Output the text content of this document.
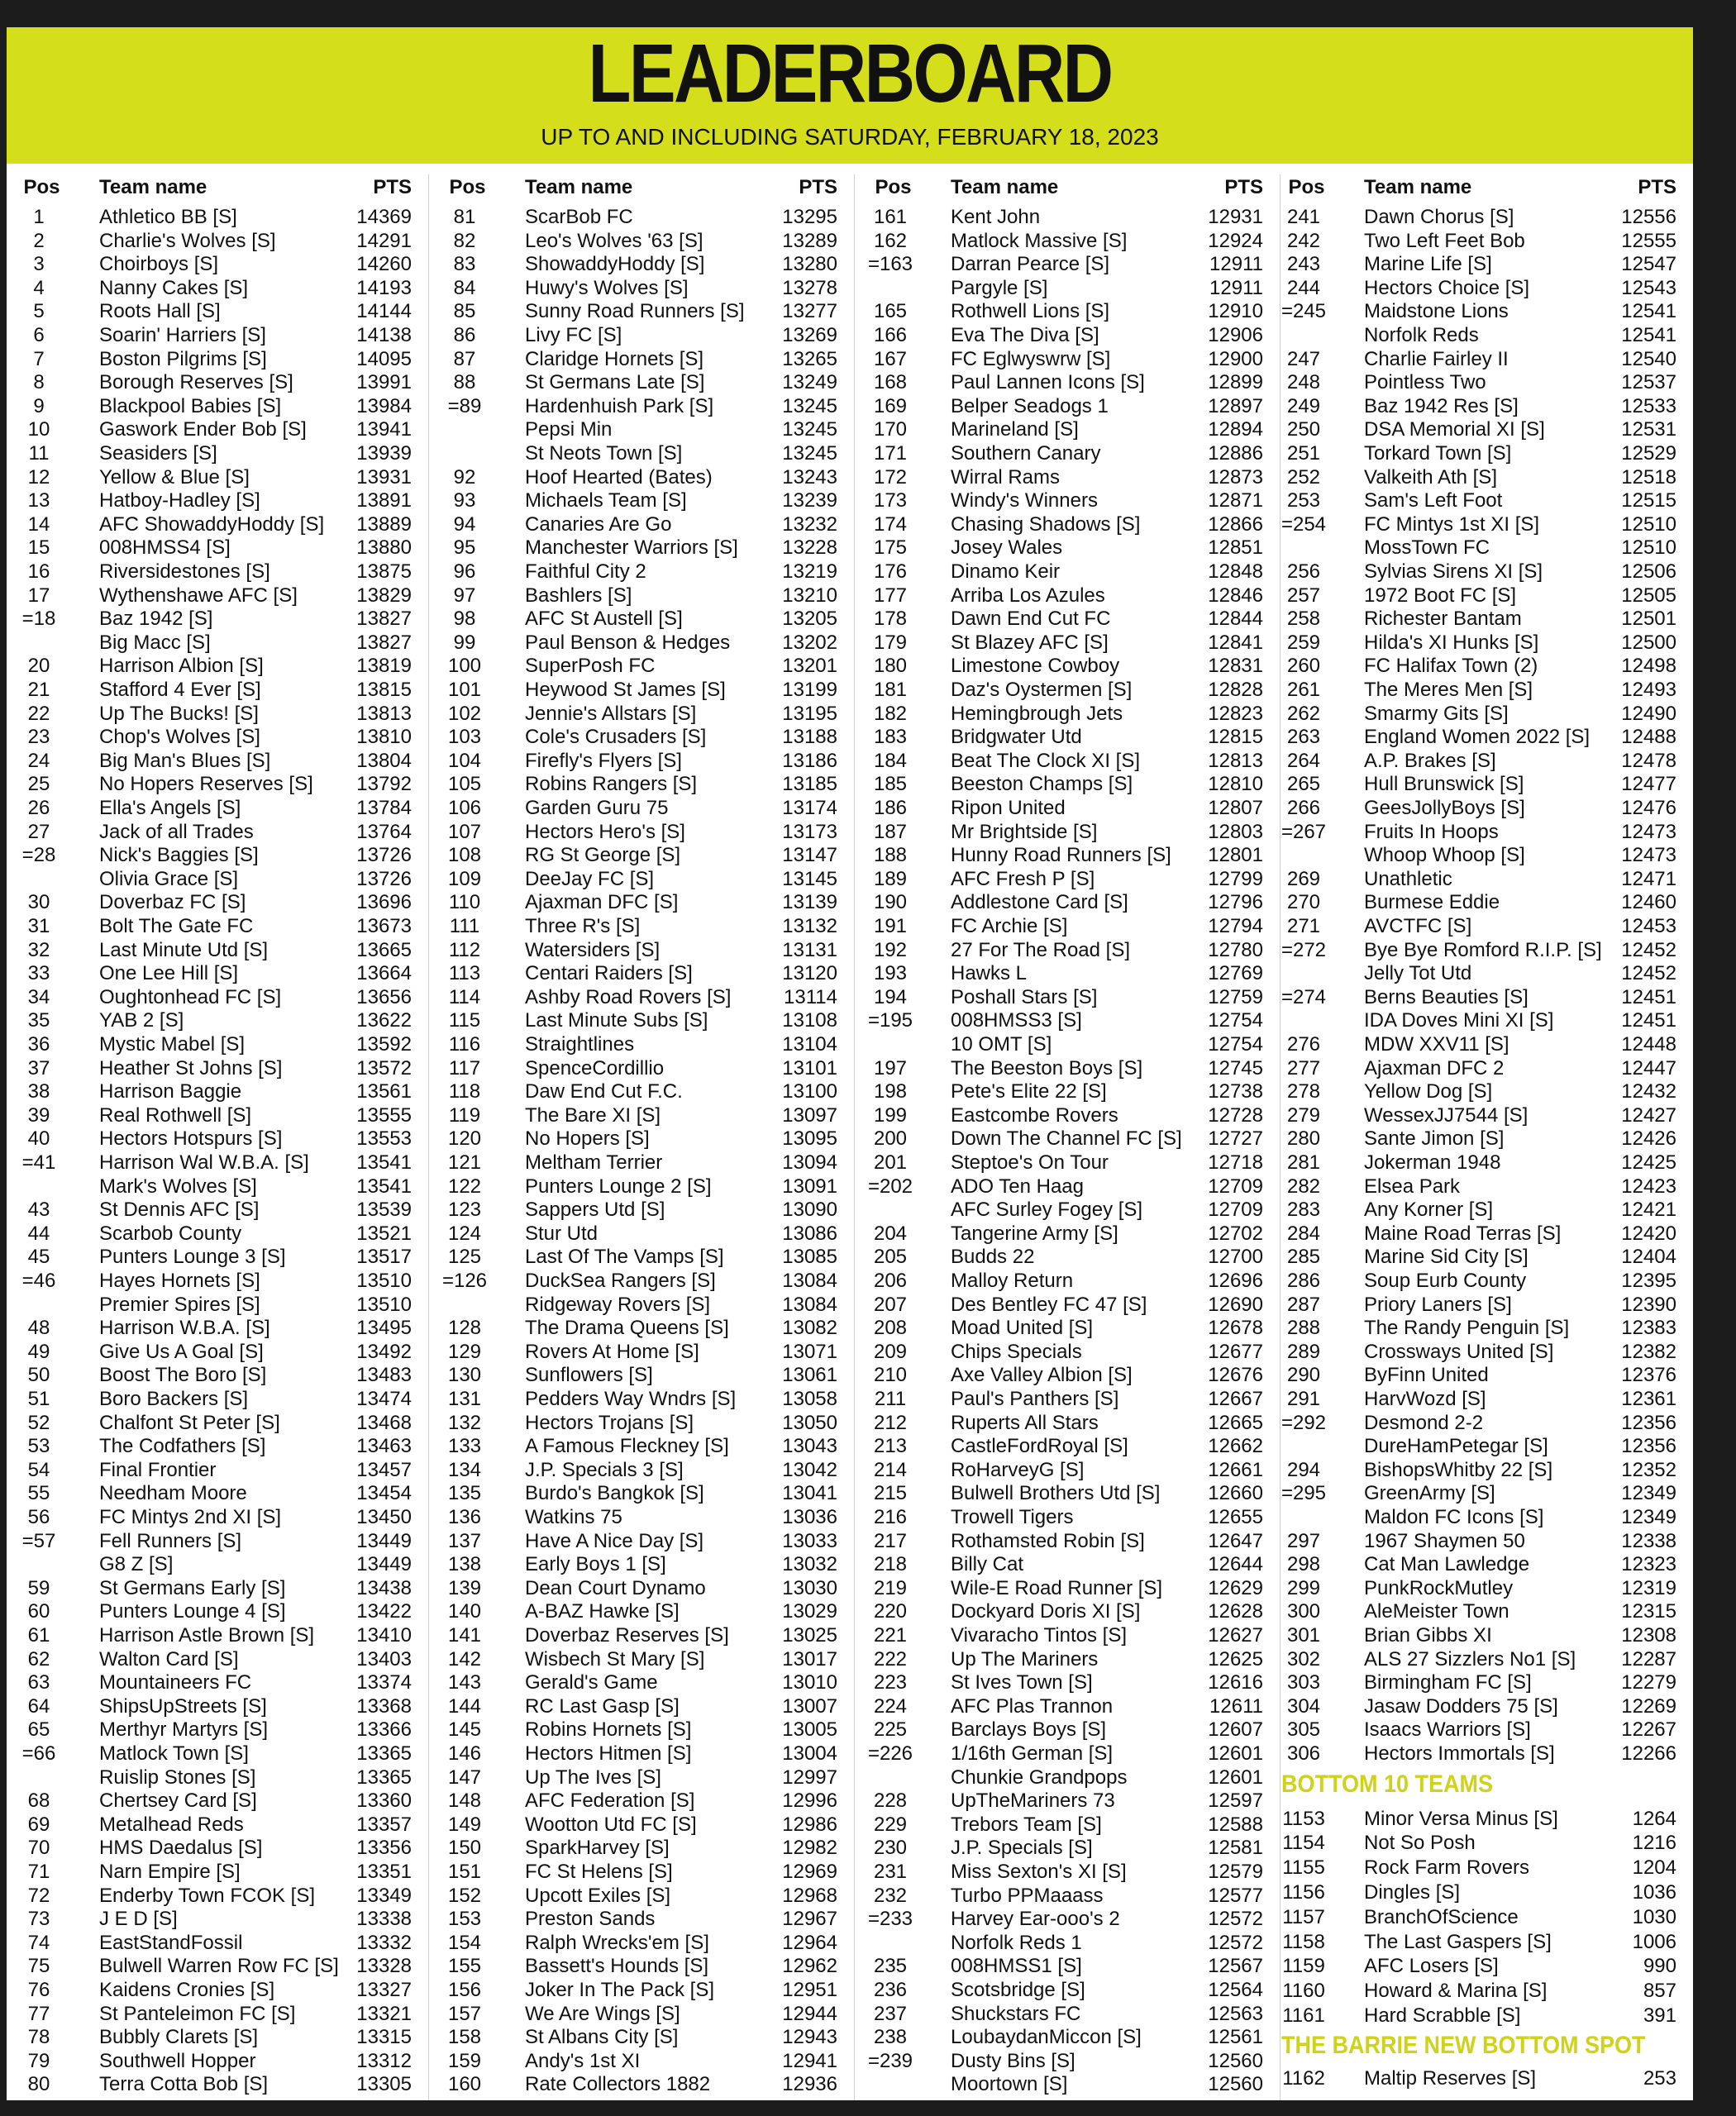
LEADERBOARD
UP TO AND INCLUDING SATURDAY, FEBRUARY 18, 2023
Pos	Team name	PTS
1	Athletico BB [S]	14369
2	Charlie's Wolves [S]	14291
3	Choirboys [S]	14260
4	Nanny Cakes [S]	14193
5	Roots Hall [S]	14144
6	Soarin' Harriers [S]	14138
7	Boston Pilgrims [S]	14095
8	Borough Reserves [S]	13991
9	Blackpool Babies [S]	13984
10	Gaswork Ender Bob [S]	13941
11	Seasiders [S]	13939
12	Yellow & Blue [S]	13931
13	Hatboy-Hadley [S]	13891
14	AFC ShowaddyHoddy [S]	13889
15	008HMSS4 [S]	13880
16	Riversidestones [S]	13875
17	Wythenshawe AFC [S]	13829
=18	Baz 1942 [S]	13827
Big Macc [S]	13827
20	Harrison Albion [S]	13819
21	Stafford 4 Ever [S]	13815
22	Up The Bucks! [S]	13813
23	Chop's Wolves [S]	13810
24	Big Man's Blues [S]	13804
25	No Hopers Reserves [S]	13792
26	Ella's Angels [S]	13784
27	Jack of all Trades	13764
=28	Nick's Baggies [S]	13726
Olivia Grace [S]	13726
30	Doverbaz FC [S]	13696
31	Bolt The Gate FC	13673
32	Last Minute Utd [S]	13665
33	One Lee Hill [S]	13664
34	Oughtonhead FC [S]	13656
35	YAB 2 [S]	13622
36	Mystic Mabel [S]	13592
37	Heather St Johns [S]	13572
38	Harrison Baggie	13561
39	Real Rothwell [S]	13555
40	Hectors Hotspurs [S]	13553
=41	Harrison Wal W.B.A. [S]	13541
Mark's Wolves [S]	13541
43	St Dennis AFC [S]	13539
44	Scarbob County	13521
45	Punters Lounge 3 [S]	13517
=46	Hayes Hornets [S]	13510
Premier Spires [S]	13510
48	Harrison W.B.A. [S]	13495
49	Give Us A Goal [S]	13492
50	Boost The Boro [S]	13483
51	Boro Backers [S]	13474
52	Chalfont St Peter [S]	13468
53	The Codfathers [S]	13463
54	Final Frontier	13457
55	Needham Moore	13454
56	FC Mintys 2nd XI [S]	13450
=57	Fell Runners [S]	13449
G8 Z [S]	13449
59	St Germans Early [S]	13438
60	Punters Lounge 4 [S]	13422
61	Harrison Astle Brown [S]	13410
62	Walton Card [S]	13403
63	Mountaineers FC	13374
64	ShipsUpStreets [S]	13368
65	Merthyr Martyrs [S]	13366
=66	Matlock Town [S]	13365
Ruislip Stones [S]	13365
68	Chertsey Card [S]	13360
69	Metalhead Reds	13357
70	HMS Daedalus [S]	13356
71	Narn Empire [S]	13351
72	Enderby Town FCOK [S]	13349
73	J E D [S]	13338
74	EastStandFossil	13332
75	Bulwell Warren Row FC [S] 13328
76	Kaidens Cronies [S]	13327
77	St Panteleimon FC [S]	13321
78	Bubbly Clarets [S]	13315
79	Southwell Hopper	13312
80	Terra Cotta Bob [S]	13305
Pos	Team name	PTS
81	ScarBob FC	13295
82	Leo's Wolves '63 [S]	13289
83	ShowaddyHoddy [S]	13280
84	Huwy's Wolves [S]	13278
85	Sunny Road Runners [S]	13277
86	Livy FC [S]	13269
87	Claridge Hornets [S]	13265
88	St Germans Late [S]	13249
=89	Hardenhuish Park [S]	13245
Pepsi Min	13245
St Neots Town [S]	13245
92	Hoof Hearted (Bates)	13243
93	Michaels Team [S]	13239
94	Canaries Are Go	13232
95	Manchester Warriors [S]	13228
96	Faithful City 2	13219
97	Bashlers [S]	13210
98	AFC St Austell [S]	13205
99	Paul Benson & Hedges	13202
100	SuperPosh FC	13201
101	Heywood St James [S]	13199
102	Jennie's Allstars [S]	13195
103	Cole's Crusaders [S]	13188
104	Firefly's Flyers [S]	13186
105	Robins Rangers [S]	13185
106	Garden Guru 75	13174
107	Hectors Hero's [S]	13173
108	RG St George [S]	13147
109	DeeJay FC [S]	13145
110	Ajaxman DFC [S]	13139
111	Three R's [S]	13132
112	Watersiders [S]	13131
113	Centari Raiders [S]	13120
114	Ashby Road Rovers [S]	13114
115	Last Minute Subs [S]	13108
116	Straightlines	13104
117	SpenceCordillio	13101
118	Daw End Cut F.C.	13100
119	The Bare XI [S]	13097
120	No Hopers [S]	13095
121	Meltham Terrier	13094
122	Punters Lounge 2 [S]	13091
123	Sappers Utd [S]	13090
124	Stur Utd	13086
125	Last Of The Vamps [S]	13085
=126	DuckSea Rangers [S]	13084
Ridgeway Rovers [S]	13084
128	The Drama Queens [S]	13082
129	Rovers At Home [S]	13071
130	Sunflowers [S]	13061
131	Pedders Way Wndrs [S]	13058
132	Hectors Trojans [S]	13050
133	A Famous Fleckney [S]	13043
134	J.P. Specials 3 [S]	13042
135	Burdo's Bangkok [S]	13041
136	Watkins 75	13036
137	Have A Nice Day [S]	13033
138	Early Boys 1 [S]	13032
139	Dean Court Dynamo	13030
140	A-BAZ Hawke [S]	13029
141	Doverbaz Reserves [S]	13025
142	Wisbech St Mary [S]	13017
143	Gerald's Game	13010
144	RC Last Gasp [S]	13007
145	Robins Hornets [S]	13005
146	Hectors Hitmen [S]	13004
147	Up The Ives [S]	12997
148	AFC Federation [S]	12996
149	Wootton Utd FC [S]	12986
150	SparkHarvey [S]	12982
151	FC St Helens [S]	12969
152	Upcott Exiles [S]	12968
153	Preston Sands	12967
154	Ralph Wrecks'em [S]	12964
155	Bassett's Hounds [S]	12962
156	Joker In The Pack [S]	12951
157	We Are Wings [S]	12944
158	St Albans City [S]	12943
159	Andy's 1st XI	12941
160	Rate Collectors 1882	12936
Pos	Team name	PTS
161	Kent John	12931
162	Matlock Massive [S]	12924
=163	Darran Pearce [S]	12911
Pargyle [S]	12911
165	Rothwell Lions [S]	12910
166	Eva The Diva [S]	12906
167	FC Eglwyswrw [S]	12900
168	Paul Lannen Icons [S]	12899
169	Belper Seadogs 1	12897
170	Marineland [S]	12894
171	Southern Canary	12886
172	Wirral Rams	12873
173	Windy's Winners	12871
174	Chasing Shadows [S]	12866
175	Josey Wales	12851
176	Dinamo Keir	12848
177	Arriba Los Azules	12846
178	Dawn End Cut FC	12844
179	St Blazey AFC [S]	12841
180	Limestone Cowboy	12831
181	Daz's Oystermen [S]	12828
182	Hemingbrough Jets	12823
183	Bridgwater Utd	12815
184	Beat The Clock XI [S]	12813
185	Beeston Champs [S]	12810
186	Ripon United	12807
187	Mr Brightside [S]	12803
188	Hunny Road Runners [S]	12801
189	AFC Fresh P [S]	12799
190	Addlestone Card [S]	12796
191	FC Archie [S]	12794
192	27 For The Road [S]	12780
193	Hawks L	12769
194	Poshall Stars [S]	12759
=195	008HMSS3 [S]	12754
10 OMT [S]	12754
197	The Beeston Boys [S]	12745
198	Pete's Elite 22 [S]	12738
199	Eastcombe Rovers	12728
200	Down The Channel FC [S]	12727
201	Steptoe's On Tour	12718
=202	ADO Ten Haag	12709
AFC Surley Fogey [S]	12709
204	Tangerine Army [S]	12702
205	Budds 22	12700
206	Malloy Return	12696
207	Des Bentley FC 47 [S]	12690
208	Moad United [S]	12678
209	Chips Specials	12677
210	Axe Valley Albion [S]	12676
211	Paul's Panthers [S]	12667
212	Ruperts All Stars	12665
213	CastleFordRoyal [S]	12662
214	RoHarveyG [S]	12661
215	Bulwell Brothers Utd [S]	12660
216	Trowell Tigers	12655
217	Rothamsted Robin [S]	12647
218	Billy Cat	12644
219	Wile-E Road Runner [S]	12629
220	Dockyard Doris XI [S]	12628
221	Vivaracho Tintos [S]	12627
222	Up The Mariners	12625
223	St Ives Town [S]	12616
224	AFC Plas Trannon	12611
225	Barclays Boys [S]	12607
=226	1/16th German [S]	12601
Chunkie Grandpops	12601
228	UpTheMariners 73	12597
229	Trebors Team [S]	12588
230	J.P. Specials [S]	12581
231	Miss Sexton's XI [S]	12579
232	Turbo PPMaaass	12577
=233	Harvey Ear-ooo's 2	12572
Norfolk Reds 1	12572
235	008HMSS1 [S]	12567
236	Scotsbridge [S]	12564
237	Shuckstars FC	12563
238	LoubaydanMiccon [S]	12561
=239	Dusty Bins [S]	12560
Moortown [S]	12560
Pos	Team name	PTS
241	Dawn Chorus [S]	12556
242	Two Left Feet Bob	12555
243	Marine Life [S]	12547
244	Hectors Choice [S]	12543
=245	Maidstone Lions	12541
Norfolk Reds	12541
247	Charlie Fairley II	12540
248	Pointless Two	12537
249	Baz 1942 Res [S]	12533
250	DSA Memorial XI [S]	12531
251	Torkard Town [S]	12529
252	Valkeith Ath [S]	12518
253	Sam's Left Foot	12515
=254	FC Mintys 1st XI [S]	12510
MossTown FC	12510
256	Sylvias Sirens XI [S]	12506
257	1972 Boot FC [S]	12505
258	Richester Bantam	12501
259	Hilda's XI Hunks [S]	12500
260	FC Halifax Town (2)	12498
261	The Meres Men [S]	12493
262	Smarmy Gits [S]	12490
263	England Women 2022 [S]	12488
264	A.P. Brakes [S]	12478
265	Hull Brunswick [S]	12477
266	GeesJollyBoys [S]	12476
=267	Fruits In Hoops	12473
Whoop Whoop [S]	12473
269	Unathletic	12471
270	Burmese Eddie	12460
271	AVCTFC [S]	12453
=272	Bye Bye Romford R.I.P. [S] 12452
Jelly Tot Utd	12452
=274	Berns Beauties [S]	12451
IDA Doves Mini XI [S]	12451
276	MDW XXV11 [S]	12448
277	Ajaxman DFC 2	12447
278	Yellow Dog [S]	12432
279	WessexJJ7544 [S]	12427
280	Sante Jimon [S]	12426
281	Jokerman 1948	12425
282	Elsea Park	12423
283	Any Korner [S]	12421
284	Maine Road Terras [S]	12420
285	Marine Sid City [S]	12404
286	Soup Eurb County	12395
287	Priory Laners [S]	12390
288	The Randy Penguin [S]	12383
289	Crossways United [S]	12382
290	ByFinn United	12376
291	HarvWozd [S]	12361
=292	Desmond 2-2	12356
DureHamPetegar [S]	12356
294	BishopsWhitby 22 [S]	12352
=295	GreenArmy [S]	12349
Maldon FC Icons [S]	12349
297	1967 Shaymen 50	12338
298	Cat Man Lawledge	12323
299	PunkRockMutley	12319
300	AleMeister Town	12315
301	Brian Gibbs XI	12308
302	ALS 27 Sizzlers No1 [S]	12287
303	Birmingham FC [S]	12279
304	Jasaw Dodders 75 [S]	12269
305	Isaacs Warriors [S]	12267
306	Hectors Immortals [S]	12266
BOTTOM 10 TEAMS
1153	Minor Versa Minus [S]	1264
1154	Not So Posh	1216
1155	Rock Farm Rovers	1204
1156	Dingles [S]	1036
1157	BranchOfScience	1030
1158	The Last Gaspers [S]	1006
1159	AFC Losers [S]	990
1160	Howard & Marina [S]	857
1161	Hard Scrabble [S]	391
THE BARRIE NEW BOTTOM SPOT
1162	Maltip Reserves [S]	253
